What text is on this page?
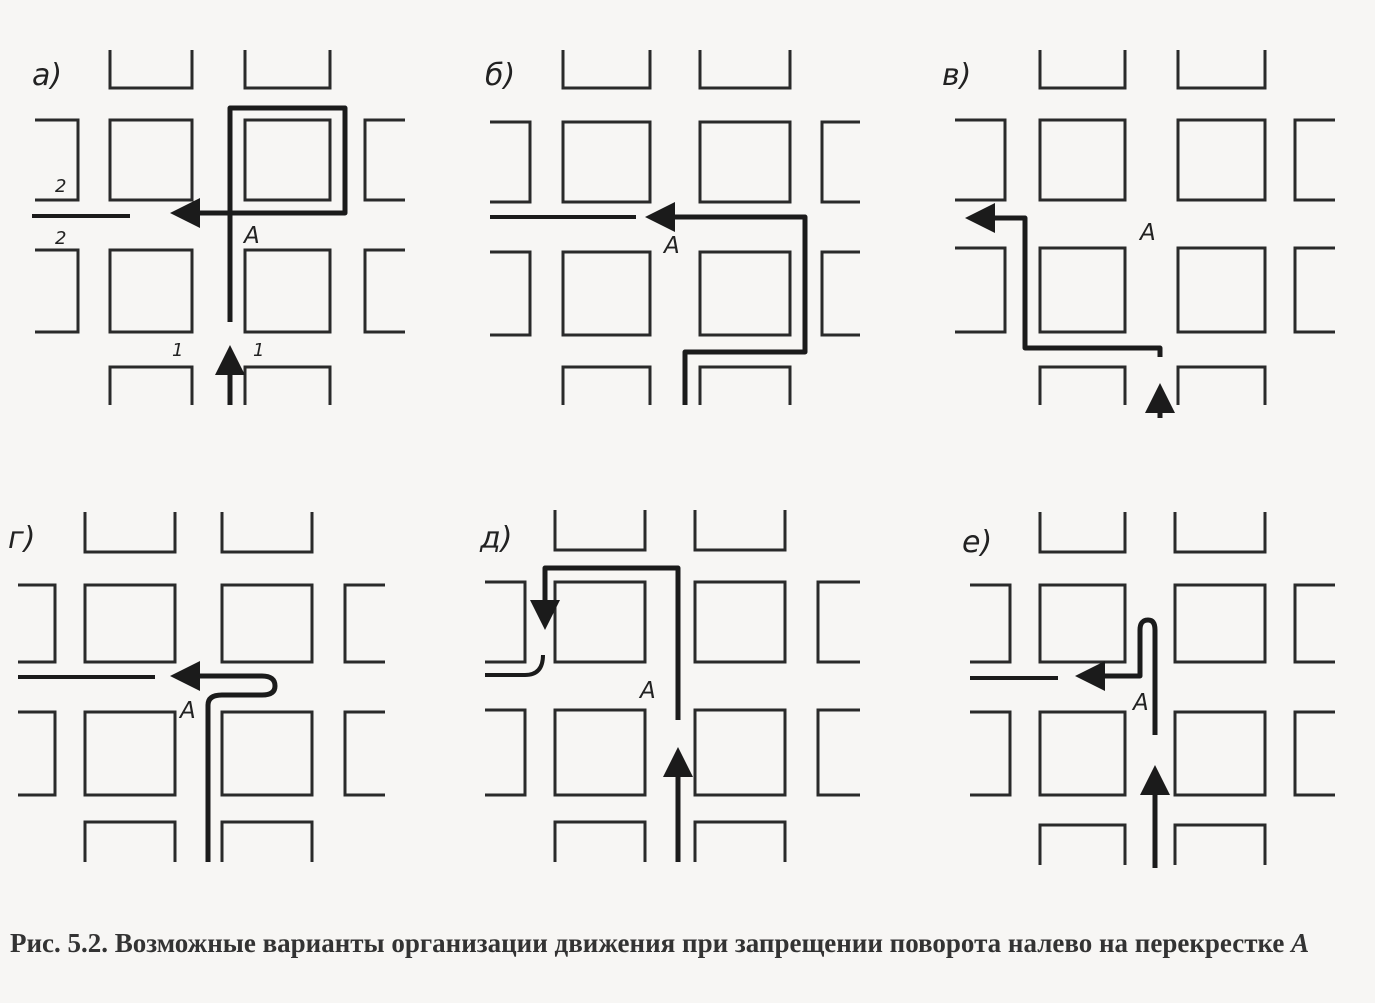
а)
A
2
2
1	1
б)
A
в)
A
г)
A
д)
A
е)
A
Рис. 5.2. Возможные варианты организации движения при запрещении поворота налево на перекрестке A
